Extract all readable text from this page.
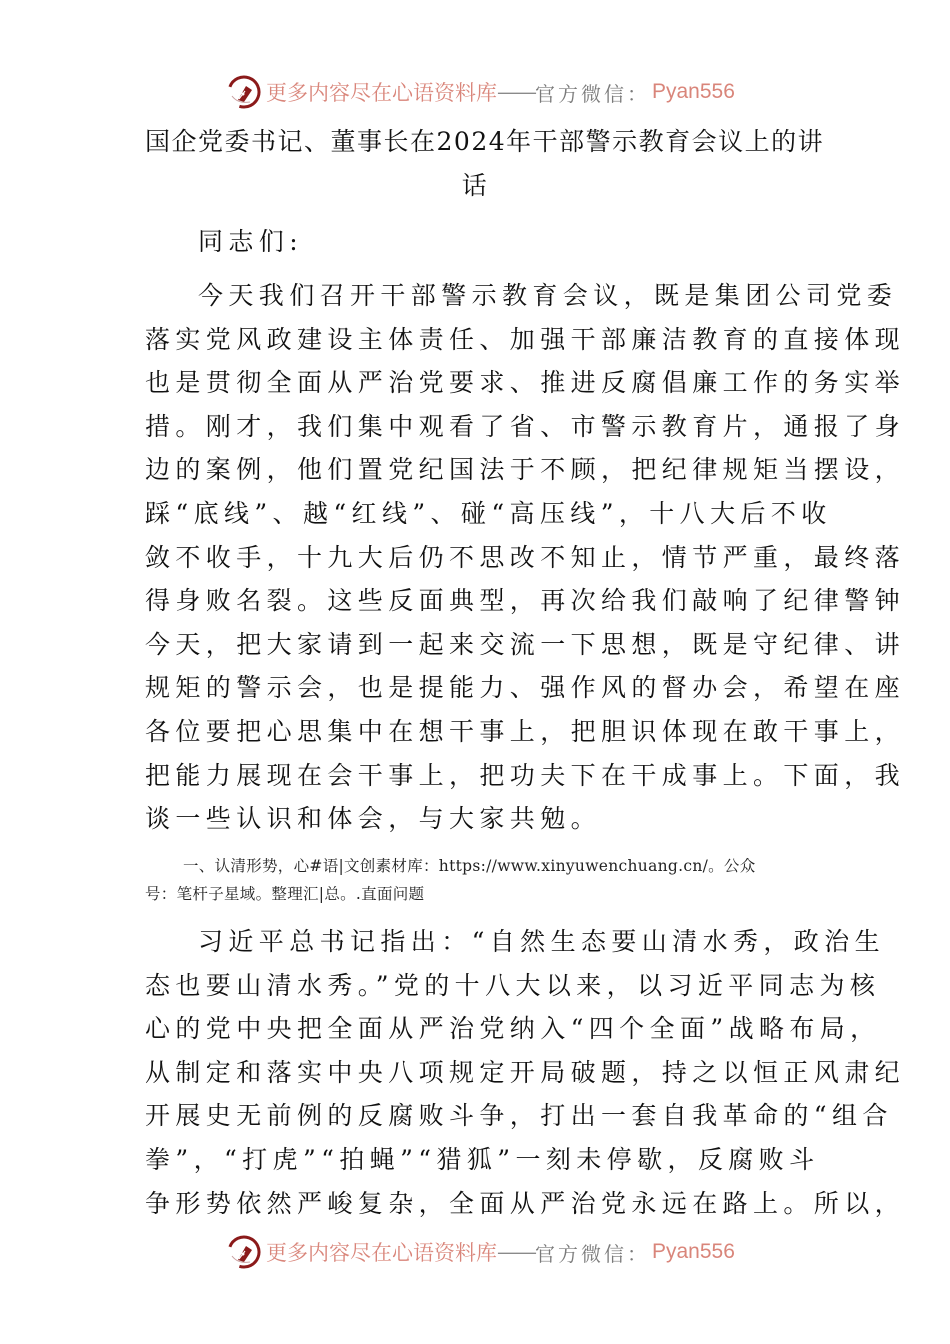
更多内容尽在心语资料库 —— 官方微信： Pyan556
国企党委书记、董事长在2024年干部警示教育会议上的讲
话
同志们:
今天我们召开干部警示教育会议，既是集团公司党委
落实党风政建设主体责任、加强干部廉洁教育的直接体现
也是贯彻全面从严治党要求、推进反腐倡廉工作的务实举
措。刚才，我们集中观看了省、市警示教育片，通报了身
边的案例，他们置党纪国法于不顾，把纪律规矩当摆设，
踩“底线”、越“红线”、碰“高压线”，十八大后不收
敛不收手，十九大后仍不思改不知止，情节严重，最终落
得身败名裂。这些反面典型，再次给我们敲响了纪律警钟
今天，把大家请到一起来交流一下思想，既是守纪律、讲
规矩的警示会，也是提能力、强作风的督办会，希望在座
各位要把心思集中在想干事上，把胆识体现在敢干事上，
把能力展现在会干事上，把功夫下在干成事上。下面，我
谈一些认识和体会，与大家共勉。
一、认清形势，心#语|文创素材库：https://www.xinyuwenchuang.cn/。公众
号：笔杆子星域。整理汇|总。.直面问题
习近平总书记指出：“自然生态要山清水秀，政治生
态也要山清水秀。”党的十八大以来，以习近平同志为核
心的党中央把全面从严治党纳入“四个全面”战略布局，
从制定和落实中央八项规定开局破题，持之以恒正风肃纪
开展史无前例的反腐败斗争，打出一套自我革命的“组合
拳”，“打虎”“拍蝇”“猎狐”一刻未停歇，反腐败斗
争形势依然严峻复杂，全面从严治党永远在路上。所以，
更多内容尽在心语资料库 —— 官方微信： Pyan556
